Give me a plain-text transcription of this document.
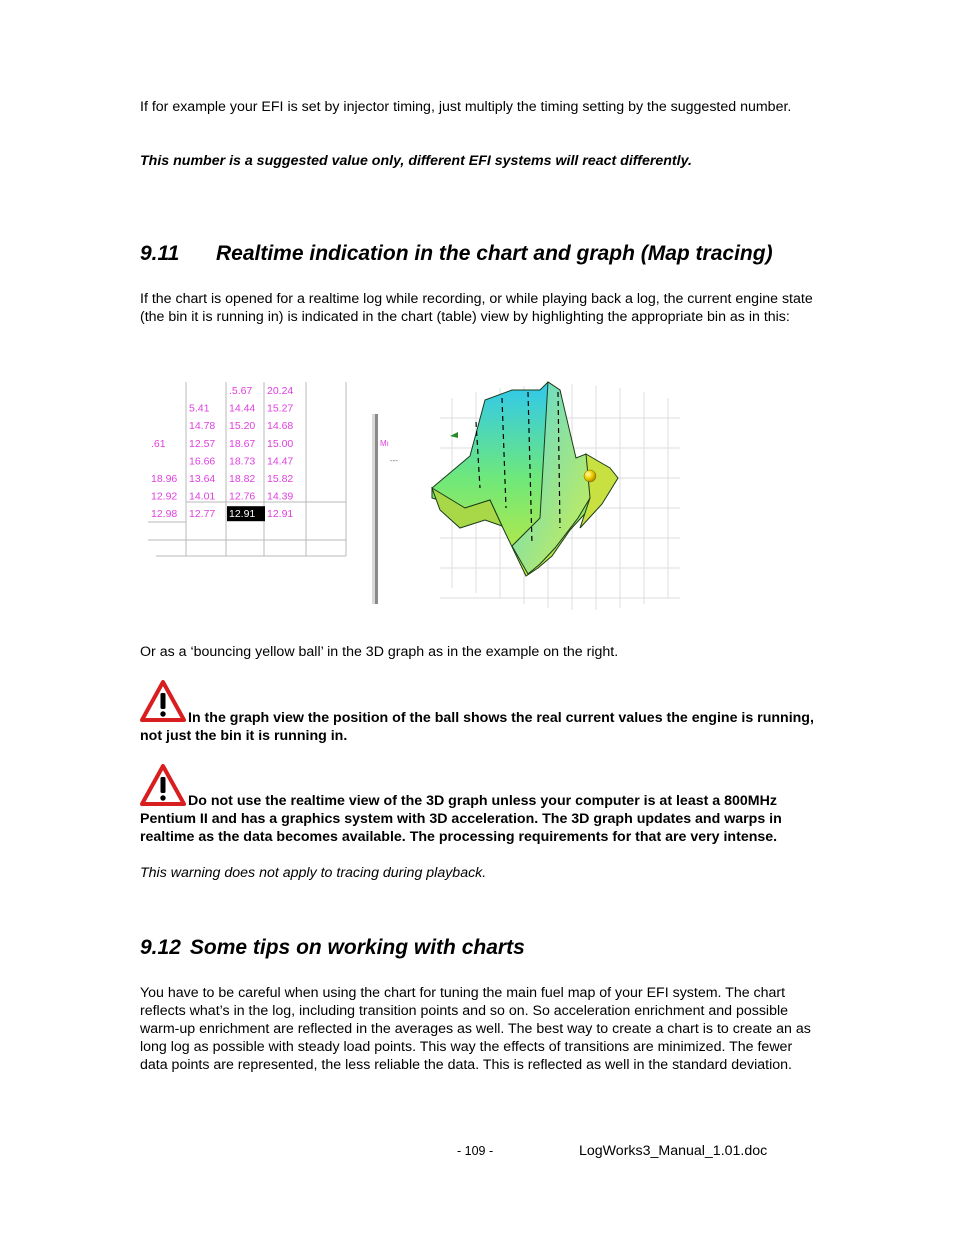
If for example your EFI is set by injector timing, just multiply the timing setting by the suggested number.

This number is a suggested value only, different EFI systems will react differently.

9.11 Realtime indication in the chart and graph (Map tracing)

If the chart is opened for a realtime log while recording, or while playing back a log, the current engine state (the bin it is running in) is indicated in the chart (table) view by highlighting the appropriate bin as in this:

.5.67 20.24
5.41 14.44 15.27
14.78 15.20 14.68
.61 12.57 18.67 15.00
16.66 18.73 14.47
18.96 13.64 18.82 15.82
12.92 14.01 12.76 14.39
12.98 12.77 12.91 12.91
Mı
---

Or as a ‘bouncing yellow ball’ in the 3D graph as in the example on the right.

In the graph view the position of the ball shows the real current values the engine is running, not just the bin it is running in.

Do not use the realtime view of the 3D graph unless your computer is at least a 800MHz Pentium II and has a graphics system with 3D acceleration. The 3D graph updates and warps in realtime as the data becomes available. The processing requirements for that are very intense.

This warning does not apply to tracing during playback.

9.12 Some tips on working with charts

You have to be careful when using the chart for tuning the main fuel map of your EFI system. The chart reflects what’s in the log, including transition points and so on. So acceleration enrichment and possible warm-up enrichment are reflected in the averages as well. The best way to create a chart is to create an as long log as possible with steady load points. This way the effects of transitions are minimized. The fewer data points are represented, the less reliable the data. This is reflected as well in the standard deviation.

- 109 -	LogWorks3_Manual_1.01.doc
